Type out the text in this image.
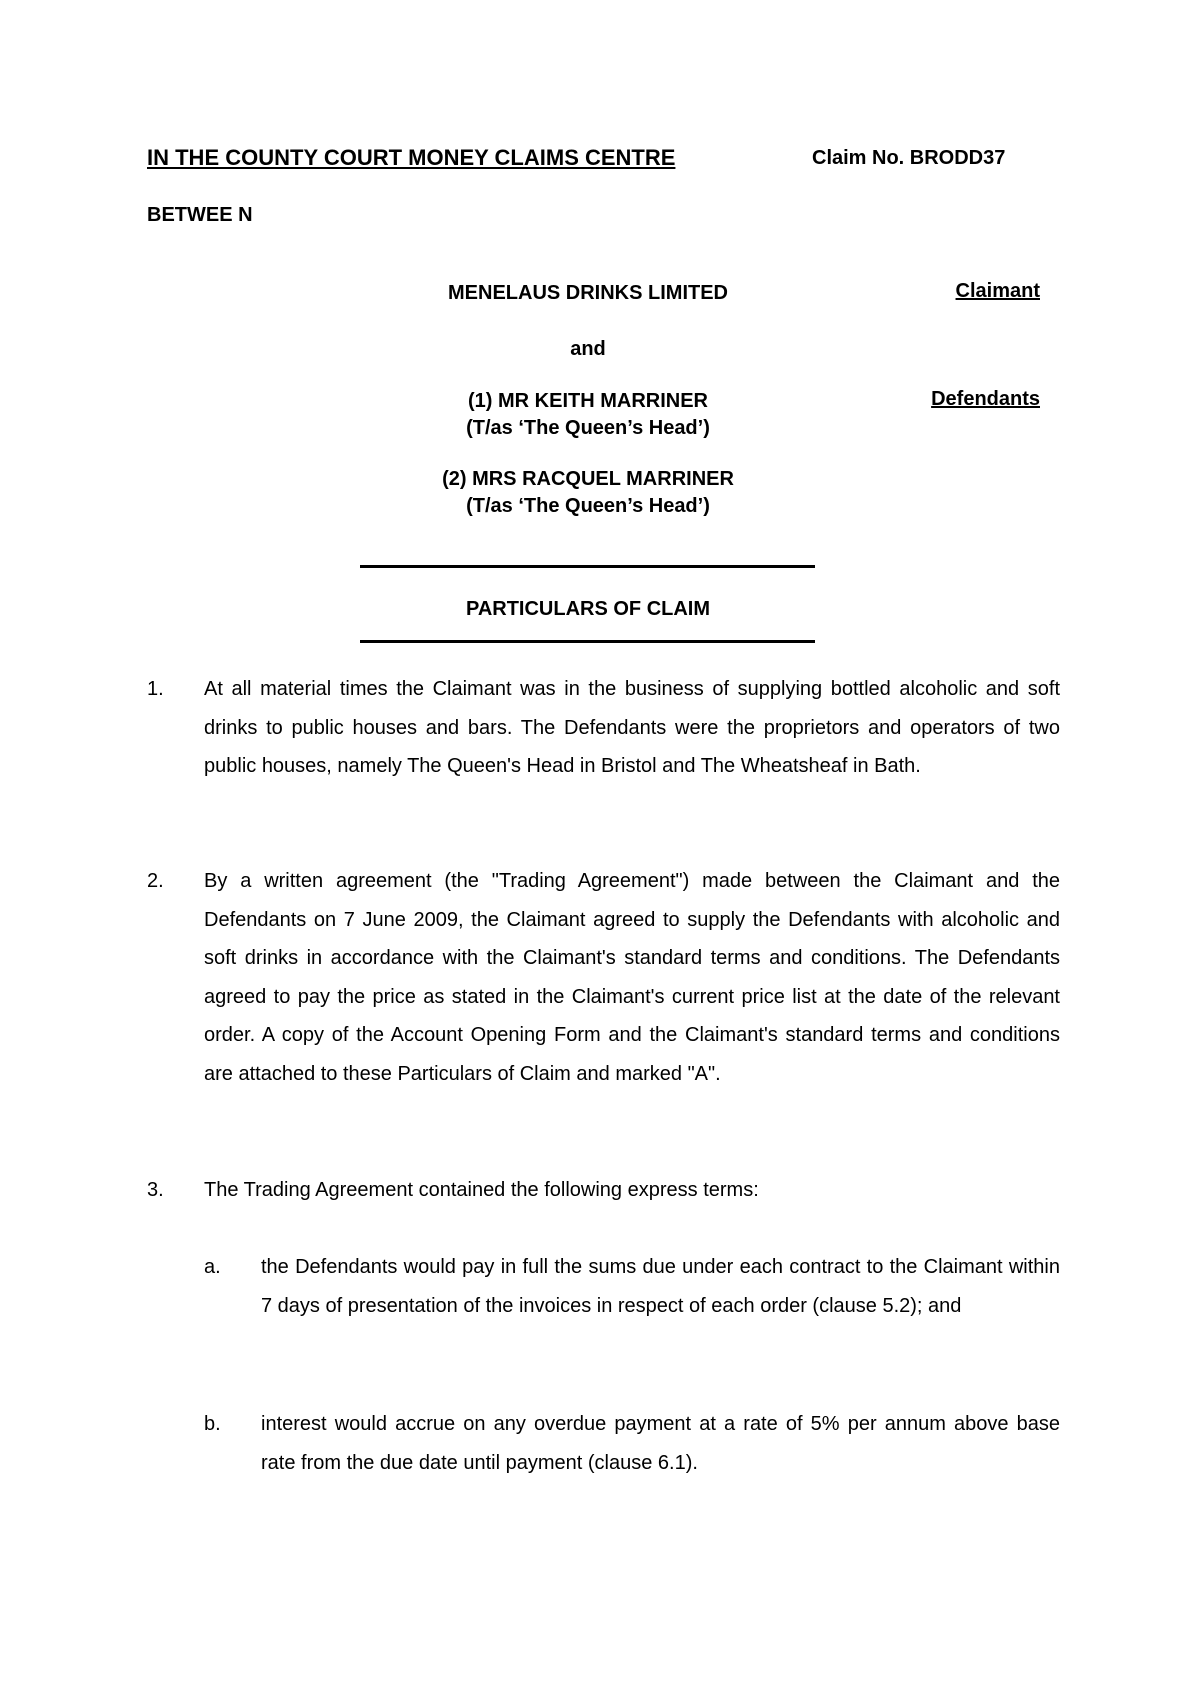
IN THE COUNTY COURT MONEY CLAIMS CENTRE	Claim No. BRODD37
BETWEE N
MENELAUS DRINKS LIMITED	Claimant
and
(1) MR KEITH MARRINER	Defendants
(T/as ‘The Queen’s Head’)
(2) MRS RACQUEL MARRINER
(T/as ‘The Queen’s Head’)
PARTICULARS OF CLAIM
1. At all material times the Claimant was in the business of supplying bottled alcoholic and soft drinks to public houses and bars. The Defendants were the proprietors and operators of two public houses, namely The Queen's Head in Bristol and The Wheatsheaf in Bath.
2. By a written agreement (the "Trading Agreement") made between the Claimant and the Defendants on 7 June 2009, the Claimant agreed to supply the Defendants with alcoholic and soft drinks in accordance with the Claimant's standard terms and conditions. The Defendants agreed to pay the price as stated in the Claimant's current price list at the date of the relevant order. A copy of the Account Opening Form and the Claimant's standard terms and conditions are attached to these Particulars of Claim and marked "A".
3. The Trading Agreement contained the following express terms:
a. the Defendants would pay in full the sums due under each contract to the Claimant within 7 days of presentation of the invoices in respect of each order (clause 5.2); and
b. interest would accrue on any overdue payment at a rate of 5% per annum above base rate from the due date until payment (clause 6.1).
